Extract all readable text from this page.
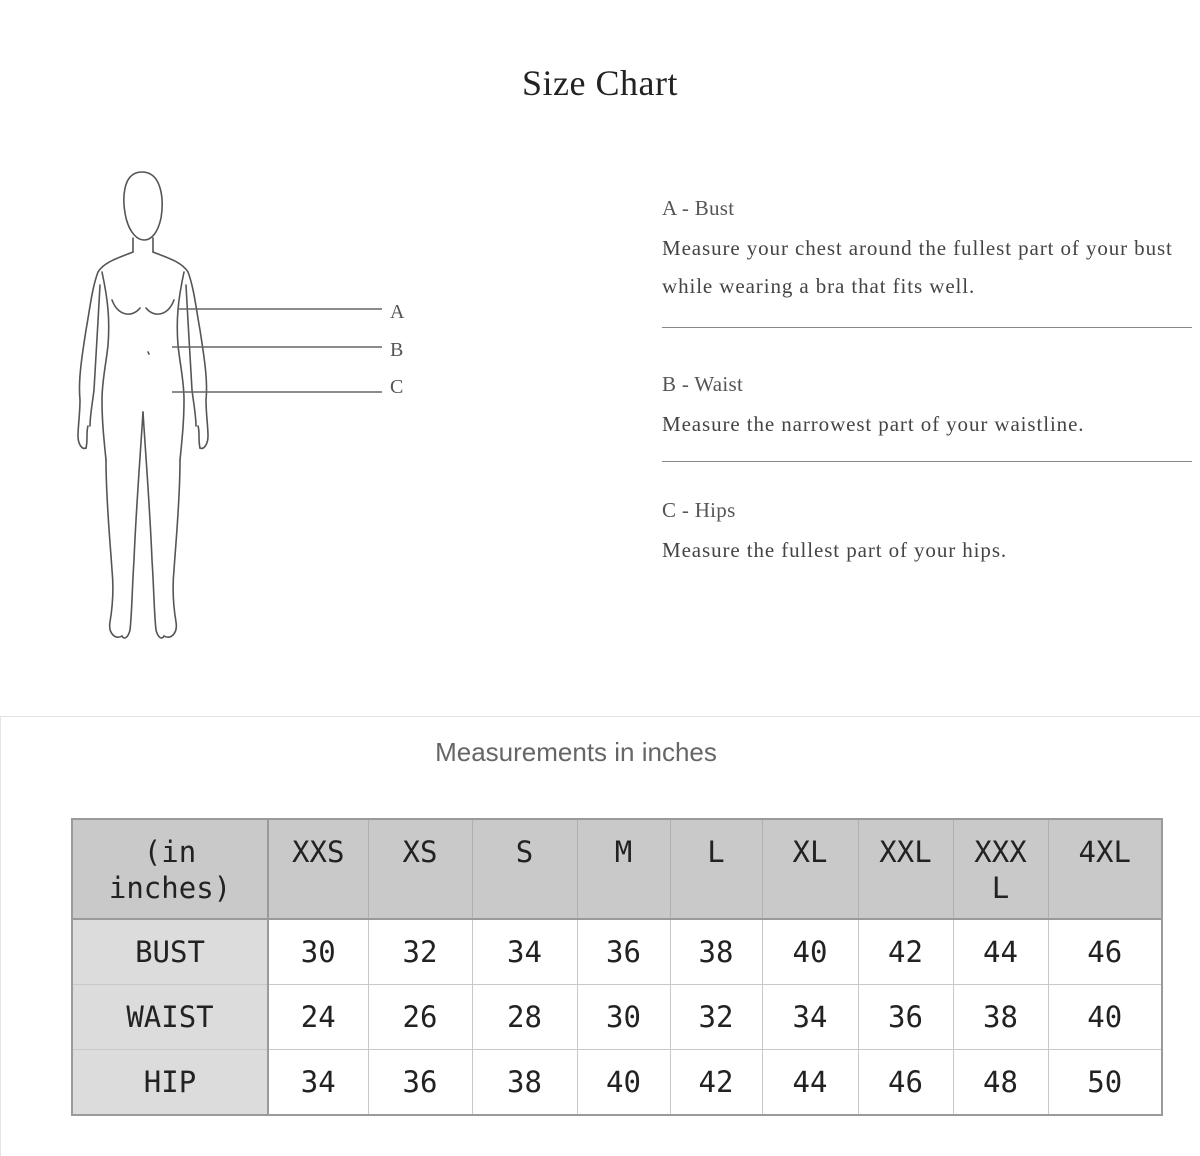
Size Chart
A
B
C
A - Bust
Measure your chest around the fullest part of your bust while wearing a bra that fits well.
B - Waist
Measure the narrowest part of your waistline.
C - Hips
Measure the fullest part of your hips.
Measurements in inches
(in inches)	XXS	XS	S	M	L	XL	XXL	XXXL	4XL
BUST	30	32	34	36	38	40	42	44	46
WAIST	24	26	28	30	32	34	36	38	40
HIP	34	36	38	40	42	44	46	48	50
